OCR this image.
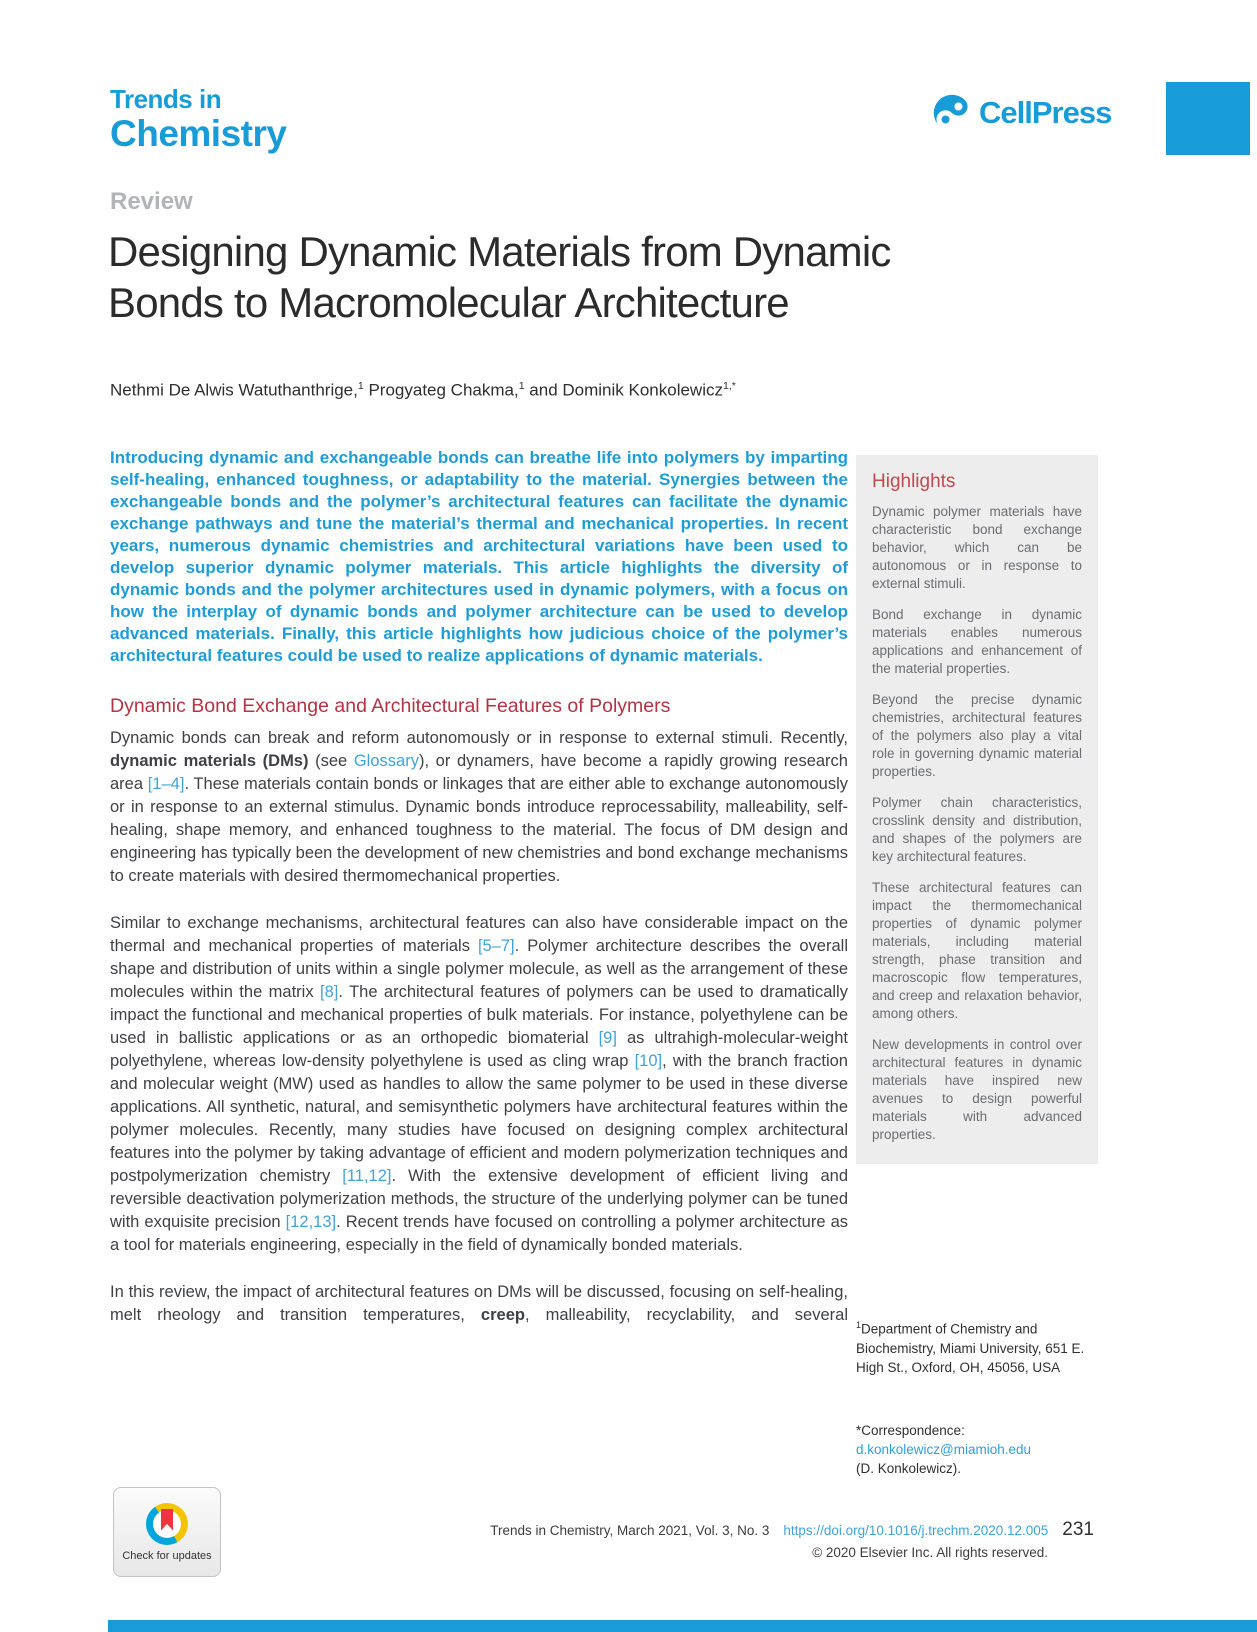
Trends in
Chemistry
CellPress
Review
Designing Dynamic Materials from Dynamic
Bonds to Macromolecular Architecture
Nethmi De Alwis Watuthanthrige,$^1$ Progyateg Chakma,$^1$ and Dominik Konkolewicz$^{1,*}$

Introducing dynamic and exchangeable bonds can breathe life into polymers by imparting self-healing, enhanced toughness, or adaptability to the material. Synergies between the exchangeable bonds and the polymer’s architectural features can facilitate the dynamic exchange pathways and tune the material’s thermal and mechanical properties. In recent years, numerous dynamic chemistries and architectural variations have been used to develop superior dynamic polymer materials. This article highlights the diversity of dynamic bonds and the polymer architectures used in dynamic polymers, with a focus on how the interplay of dynamic bonds and polymer architecture can be used to develop advanced materials. Finally, this article highlights how judicious choice of the polymer’s architectural features could be used to realize applications of dynamic materials.

Dynamic Bond Exchange and Architectural Features of Polymers

Dynamic bonds can break and reform autonomously or in response to external stimuli. Recently, dynamic materials (DMs) (see Glossary), or dynamers, have become a rapidly growing research area [1–4]. These materials contain bonds or linkages that are either able to exchange autonomously or in response to an external stimulus. Dynamic bonds introduce reprocessability, malleability, self-healing, shape memory, and enhanced toughness to the material. The focus of DM design and engineering has typically been the development of new chemistries and bond exchange mechanisms to create materials with desired thermomechanical properties.

Similar to exchange mechanisms, architectural features can also have considerable impact on the thermal and mechanical properties of materials [5–7]. Polymer architecture describes the overall shape and distribution of units within a single polymer molecule, as well as the arrangement of these molecules within the matrix [8]. The architectural features of polymers can be used to dramatically impact the functional and mechanical properties of bulk materials. For instance, polyethylene can be used in ballistic applications or as an orthopedic biomaterial [9] as ultrahigh-molecular-weight polyethylene, whereas low-density polyethylene is used as cling wrap [10], with the branch fraction and molecular weight (MW) used as handles to allow the same polymer to be used in these diverse applications. All synthetic, natural, and semisynthetic polymers have architectural features within the polymer molecules. Recently, many studies have focused on designing complex architectural features into the polymer by taking advantage of efficient and modern polymerization techniques and postpolymerization chemistry [11,12]. With the extensive development of efficient living and reversible deactivation polymerization methods, the structure of the underlying polymer can be tuned with exquisite precision [12,13]. Recent trends have focused on controlling a polymer architecture as a tool for materials engineering, especially in the field of dynamically bonded materials.

In this review, the impact of architectural features on DMs will be discussed, focusing on self-healing, melt rheology and transition temperatures, creep, malleability, recyclability, and several

Highlights

Dynamic polymer materials have characteristic bond exchange behavior, which can be autonomous or in response to external stimuli.

Bond exchange in dynamic materials enables numerous applications and enhancement of the material properties.

Beyond the precise dynamic chemistries, architectural features of the polymers also play a vital role in governing dynamic material properties.

Polymer chain characteristics, crosslink density and distribution, and shapes of the polymers are key architectural features.

These architectural features can impact the thermomechanical properties of dynamic polymer materials, including material strength, phase transition and macroscopic flow temperatures, and creep and relaxation behavior, among others.

New developments in control over architectural features in dynamic materials have inspired new avenues to design powerful materials with advanced properties.

$^1$Department of Chemistry and Biochemistry, Miami University, 651 E. High St., Oxford, OH, 45056, USA
*Correspondence:
d.konkolewicz@miamioh.edu
(D. Konkolewicz).
Check for updates
Trends in Chemistry, March 2021, Vol. 3, No. 3 https://doi.org/10.1016/j.trechm.2020.12.005 231
© 2020 Elsevier Inc. All rights reserved.
